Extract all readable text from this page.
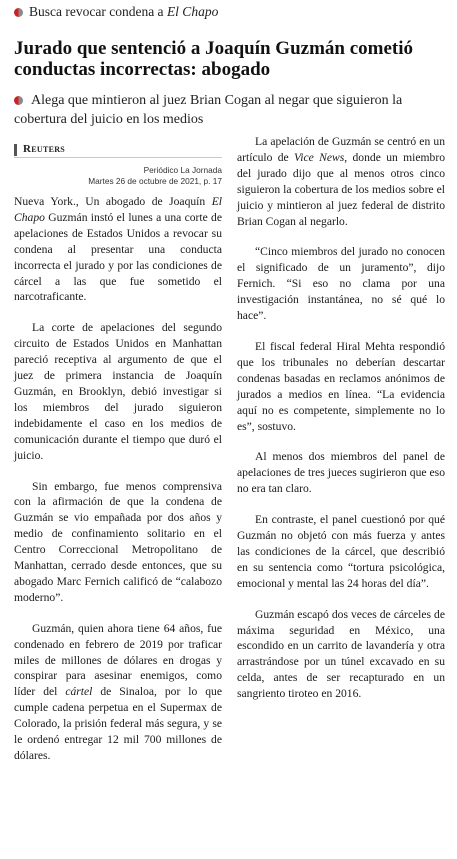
Busca revocar condena a El Chapo
Jurado que sentenció a Joaquín Guzmán cometió conductas incorrectas: abogado
Alega que mintieron al juez Brian Cogan al negar que siguieron la cobertura del juicio en los medios
Reuters
Periódico La Jornada
Martes 26 de octubre de 2021, p. 17

Nueva York., Un abogado de Joaquín El Chapo Guzmán instó el lunes a una corte de apelaciones de Estados Unidos a revocar su condena al presentar una conducta incorrecta el jurado y por las condiciones de cárcel a las que fue sometido el narcotraficante.

La corte de apelaciones del segundo circuito de Estados Unidos en Manhattan pareció receptiva al argumento de que el juez de primera instancia de Joaquín Guzmán, en Brooklyn, debió investigar si los miembros del jurado siguieron indebidamente el caso en los medios de comunicación durante el tiempo que duró el juicio.

Sin embargo, fue menos comprensiva con la afirmación de que la condena de Guzmán se vio empañada por dos años y medio de confinamiento solitario en el Centro Correccional Metropolitano de Manhattan, cerrado desde entonces, que su abogado Marc Fernich calificó de “calabozo moderno”.

Guzmán, quien ahora tiene 64 años, fue condenado en febrero de 2019 por traficar miles de millones de dólares en drogas y conspirar para asesinar enemigos, como líder del cártel de Sinaloa, por lo que cumple cadena perpetua en el Supermax de Colorado, la prisión federal más segura, y se le ordenó entregar 12 mil 700 millones de dólares.

La apelación de Guzmán se centró en un artículo de Vice News, donde un miembro del jurado dijo que al menos otros cinco siguieron la cobertura de los medios sobre el juicio y mintieron al juez federal de distrito Brian Cogan al negarlo.

“Cinco miembros del jurado no conocen el significado de un juramento”, dijo Fernich. “Si eso no clama por una investigación instantánea, no sé qué lo hace”.

El fiscal federal Hiral Mehta respondió que los tribunales no deberían descartar condenas basadas en reclamos anónimos de jurados a medios en línea. “La evidencia aquí no es competente, simplemente no lo es”, sostuvo.

Al menos dos miembros del panel de apelaciones de tres jueces sugirieron que eso no era tan claro.

En contraste, el panel cuestionó por qué Guzmán no objetó con más fuerza y antes las condiciones de la cárcel, que describió en su sentencia como “tortura psicológica, emocional y mental las 24 horas del día”.

Guzmán escapó dos veces de cárceles de máxima seguridad en México, una escondido en un carrito de lavandería y otra arrastrándose por un túnel excavado en su celda, antes de ser recapturado en un sangriento tiroteo en 2016.
